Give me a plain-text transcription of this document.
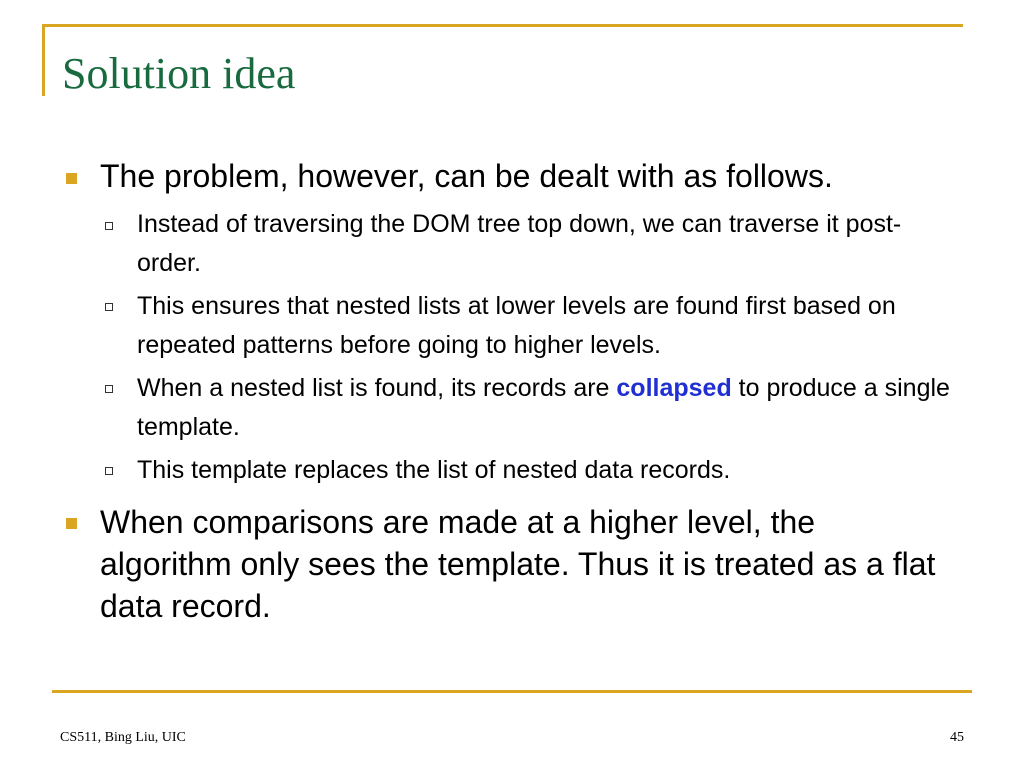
Solution idea
The problem, however, can be dealt with as follows.
Instead of traversing the DOM tree top down, we can traverse it post-order.
This ensures that nested lists at lower levels are found first based on repeated patterns before going to higher levels.
When a nested list is found, its records are collapsed to produce a single template.
This template replaces the list of nested data records.
When comparisons are made at a higher level, the algorithm only sees the template. Thus it is treated as a flat data record.
CS511, Bing Liu, UIC	45
